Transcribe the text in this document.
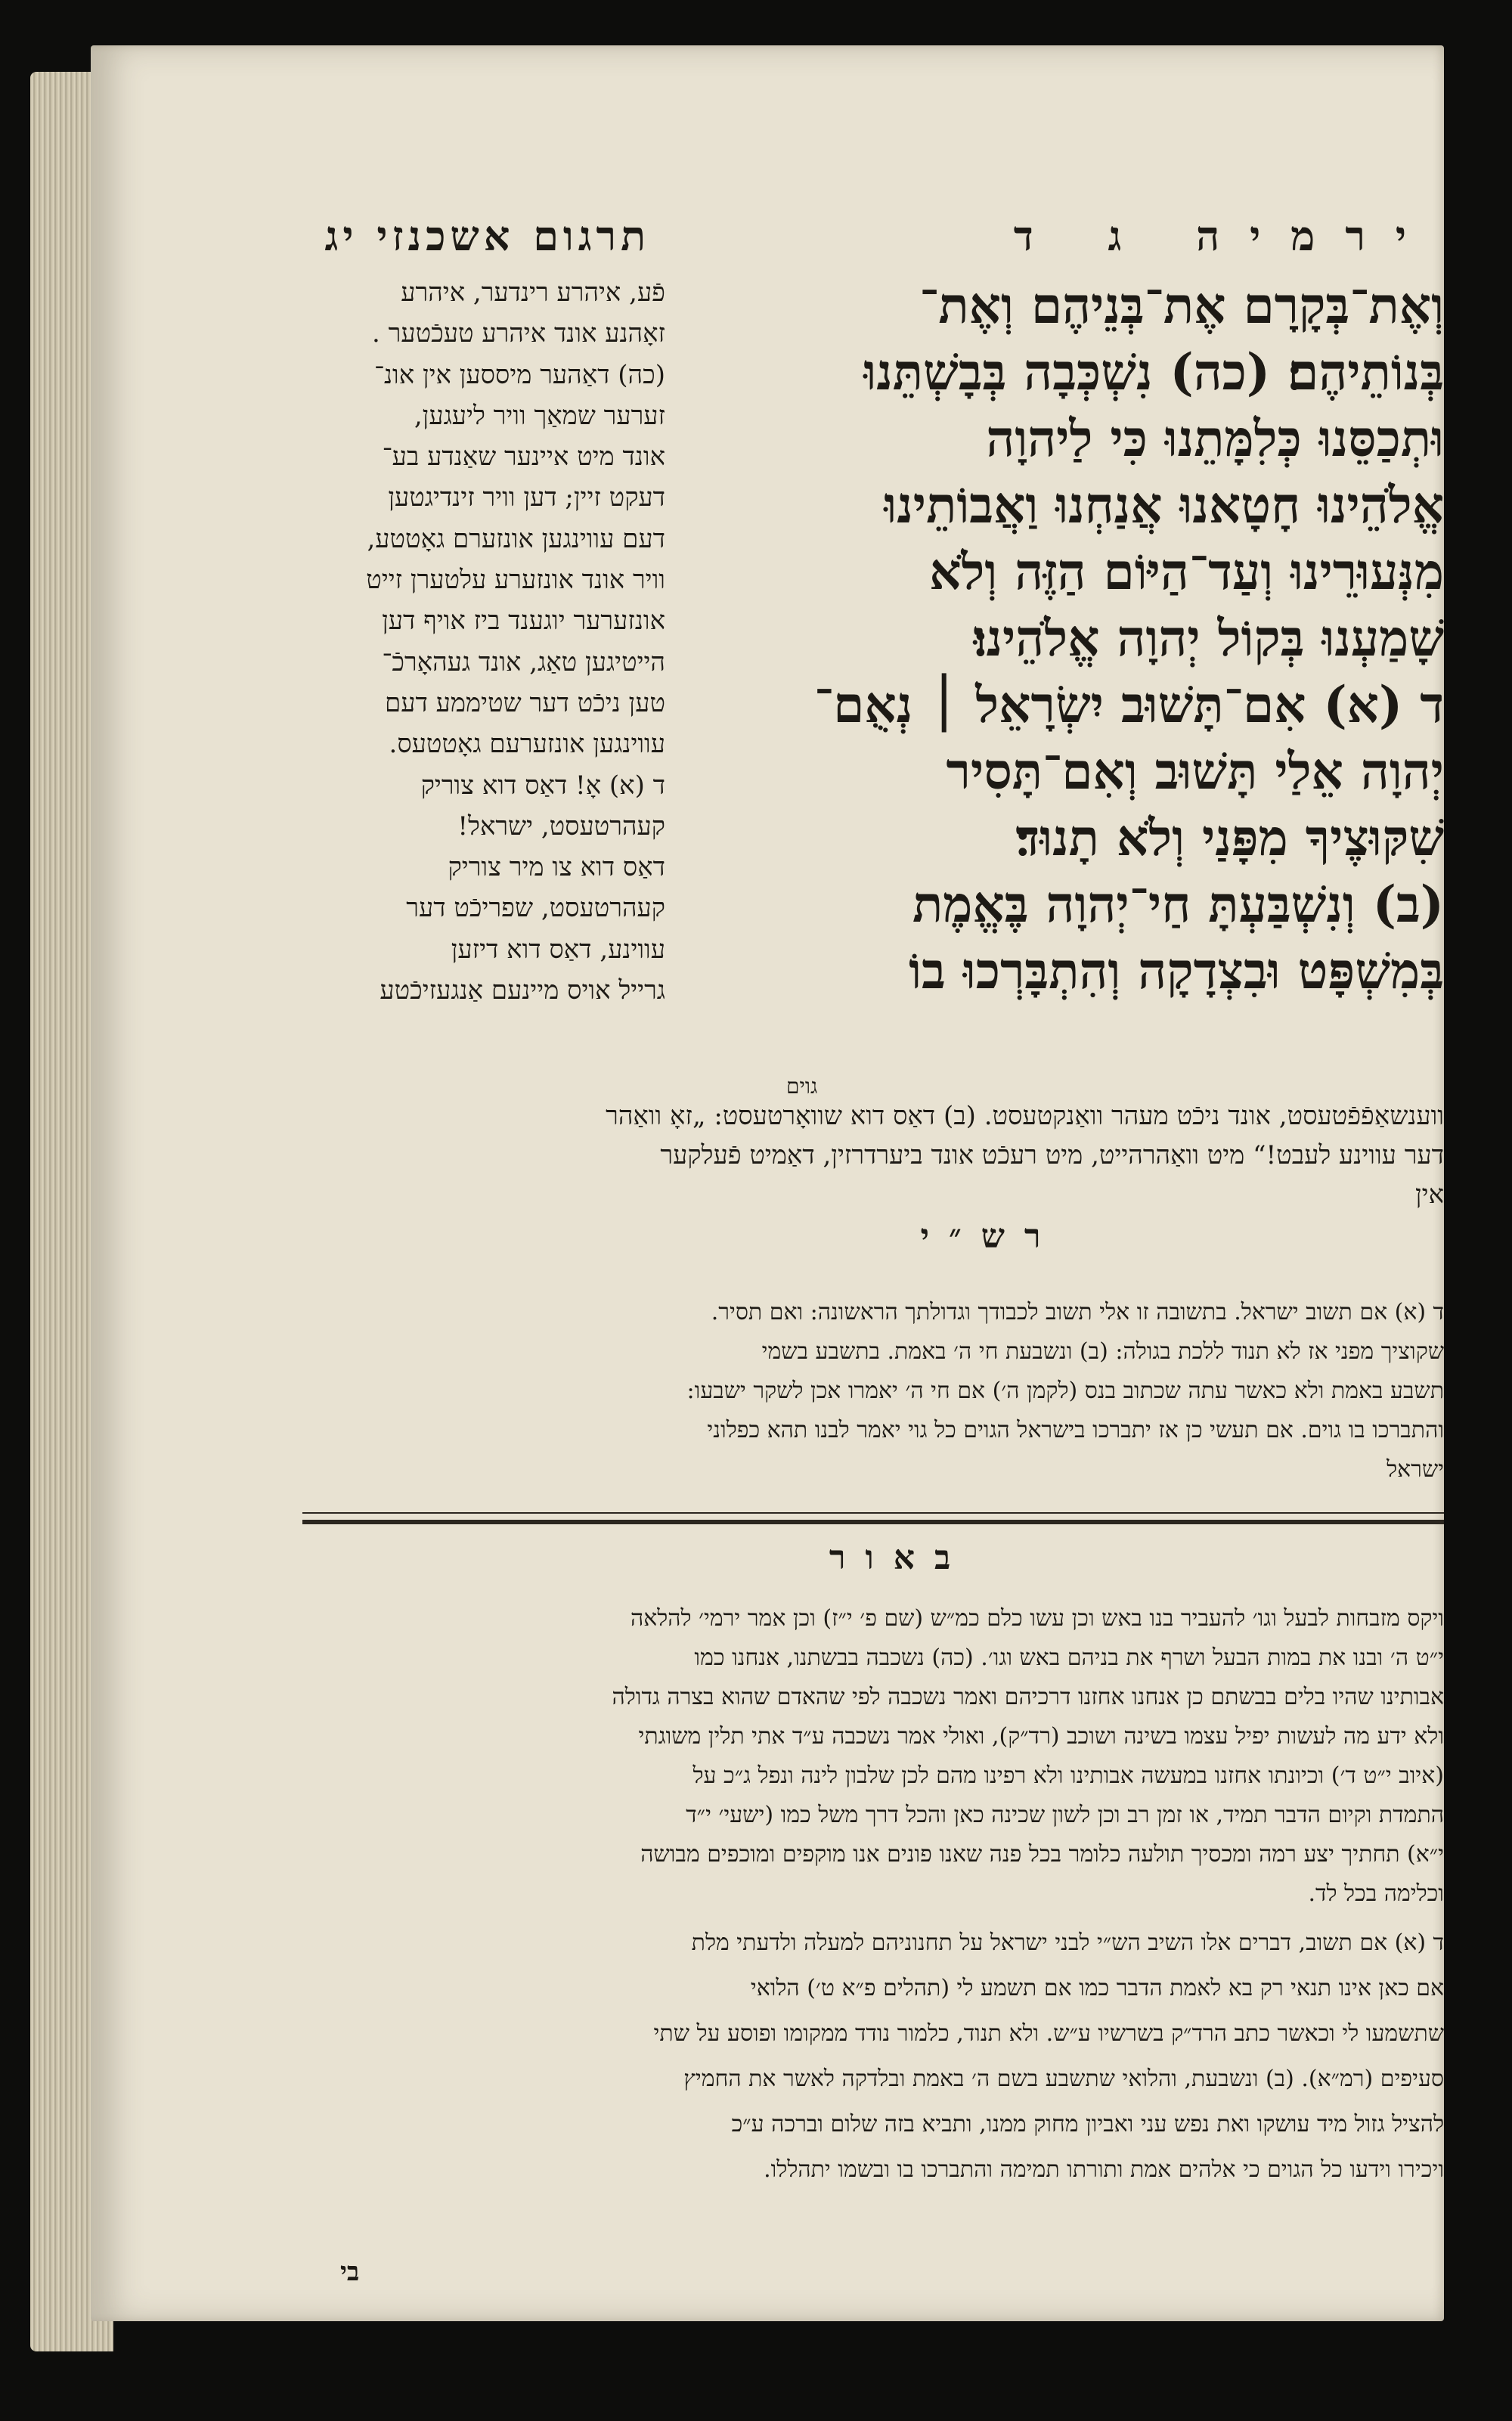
תרגום אשכנזי יג	ירמיה ג ד
וְאֶת־בְּקָרָם אֶת־בְּנֵיהֶם וְאֶת־
בְּנוֹתֵיהֶם׃ (כה) נִשְׁכְּבָה בְּבָשְׁתֵּנוּ
וּתְכַסֵּנוּ כְּלִמָּתֵנוּ כִּי לַיהוָה
אֱלֹהֵינוּ חָטָאנוּ אֲנַחְנוּ וַאֲבוֹתֵינוּ
מִנְּעוּרֵינוּ וְעַד־הַיּוֹם הַזֶּה וְלֹא
שָׁמַעְנוּ בְּקוֹל יְהוָה אֱלֹהֵינוּ׃
ד (א) אִם־תָּשׁוּב יִשְׂרָאֵל ׀ נְאֻם־
יְהוָה אֵלַי תָּשׁוּב וְאִם־תָּסִיר
שִׁקּוּצֶיךָ מִפָּנַי וְלֹא תָנוּד׃
(ב) וְנִשְׁבַּעְתָּ חַי־יְהוָה בֶּאֱמֶת
בְּמִשְׁפָּט וּבִצְדָקָה וְהִתְבָּרְכוּ בוֹ
פֿע, איהרע רינדער, איהרע
זאָהנע אונד איהרע טעכֿטער .
(כה) דאַהער מיססען אין אונ־
זערער שמאַך וויר ליעגען,
אונד מיט איינער שאַנדע בע־
דעקט זיין; דען וויר זינדיגטען
דעם עווינגען אונזערם גאָטטע,
וויר אונד אונזערע עלטערן זייט
אונזערער יוגענד ביז אויף דען
הייטיגען טאַג, אונד געהאָרכֿ־
טען ניכֿט דער שטיממע דעם
עווינגען אונזערעם גאָטטעס.
ד (א) אָ! דאַס דוא צוריק
קעהרטעסט, ישראל!
דאַס דוא צו מיר צוריק
קעהרטעסט, שפריכֿט דער
עווינע, דאַס דוא דיזען
גרייל אויס מיינעם אַנגעזיכֿטע
גוים
ווענשאַפֿפֿטעסט, אונד ניכֿט מעהר וואַנקטעסט. (ב) דאַס דוא שוואָרטעסט: „זאָ וואַהר
דער עווינע לעבט!“ מיט וואַהרהייט, מיט רעכֿט אונד ביערדרזין, דאַמיט פֿעלקער
אין
רש״י
ד (א) אם תשוב ישראל. בתשובה זו אלי תשוב לכבודך וגדולתך הראשונה: ואם תסיר.
שקוציך מפני אז לא תנוד ללכת בגולה: (ב) ונשבעת חי ה׳ באמת. בתשבע בשמי
תשבע באמת ולא כאשר עתה שכתוב בנס (לקמן ה׳) אם חי ה׳ יאמרו אכן לשקר ישבעו:
והתברכו בו גוים. אם תעשי כן אז יתברכו בישראל הגוים כל גוי יאמר לבנו תהא כפלוני
ישראל
באור
ויקס מזבחות לבעל וגו׳ להעביר בנו באש וכן עשו כלם כמ״ש (שם פ׳ י״ז) וכן אמר ירמי׳ להלאה
י״ט ה׳ ובנו את במות הבעל ושרף את בניהם באש וגו׳. (כה) נשכבה בבשתנו, אנחנו כמו
אבותינו שהיו בלים בבשתם כן אנחנו אחזנו דרכיהם ואמר נשכבה לפי שהאדם שהוא בצרה גדולה
ולא ידע מה לעשות יפיל עצמו בשינה ושוכב (רד״ק), ואולי אמר נשכבה ע״ד אתי תלין משוגתי
(איוב י״ט ד׳) וכיונתו אחזנו במעשה אבותינו ולא רפינו מהם לכן שלבון לינה ונפל ג״כ על
התמדת וקיום הדבר תמיד, או זמן רב וכן לשון שכינה כאן והכל דרך משל כמו (ישעי׳ י״ד
י״א) תחתיך יצע רמה ומכסיך תולעה כלומר בכל פנה שאנו פונים אנו מוקפים ומוכפים מבושה
וכלימה בכל לד.
ד (א) אם תשוב, דברים אלו השיב הש״י לבני ישראל על תחנוניהם למעלה ולדעתי מלת
אם כאן אינו תנאי רק בא לאמת הדבר כמו אם תשמע לי (תהלים פ״א ט׳) הלואי
שתשמעו לי וכאשר כתב הרד״ק בשרשיו ע״ש. ולא תנוד, כלמור נודד ממקומו ופוסע על שתי
סעיפים (רמ״א). (ב) ונשבעת, והלואי שתשבע בשם ה׳ באמת ובלדקה לאשר את החמיץ
להציל גזול מיד עושקו ואת נפש עני ואביון מחוק ממנו, ותביא בזה שלום וברכה ע״כ
ויכירו וידעו כל הגוים כי אלהים אמת ותורתו תמימה והתברכו בו ובשמו יתהללו.
בי
